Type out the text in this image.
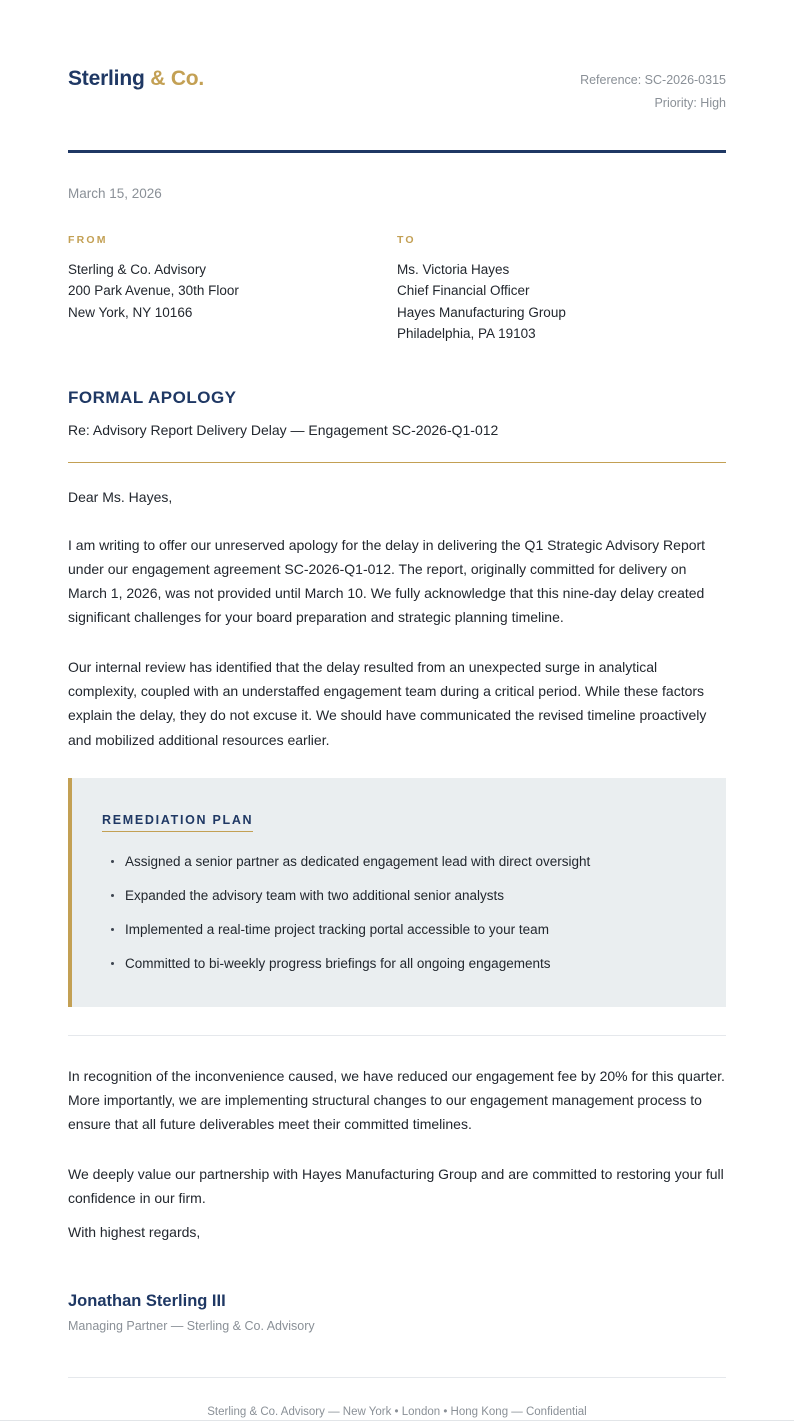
Sterling & Co.	Reference: SC-2026-0315
Priority: High
March 15, 2026
FROM
Sterling & Co. Advisory
200 Park Avenue, 30th Floor
New York, NY 10166
TO
Ms. Victoria Hayes
Chief Financial Officer
Hayes Manufacturing Group
Philadelphia, PA 19103
FORMAL APOLOGY

Re: Advisory Report Delivery Delay — Engagement SC-2026-Q1-012

Dear Ms. Hayes,

I am writing to offer our unreserved apology for the delay in delivering the Q1 Strategic Advisory Report under our engagement agreement SC-2026-Q1-012. The report, originally committed for delivery on March 1, 2026, was not provided until March 10. We fully acknowledge that this nine-day delay created significant challenges for your board preparation and strategic planning timeline.

Our internal review has identified that the delay resulted from an unexpected surge in analytical complexity, coupled with an understaffed engagement team during a critical period. While these factors explain the delay, they do not excuse it. We should have communicated the revised timeline proactively and mobilized additional resources earlier.

REMEDIATION PLAN
Assigned a senior partner as dedicated engagement lead with direct oversight
Expanded the advisory team with two additional senior analysts
Implemented a real-time project tracking portal accessible to your team
Committed to bi-weekly progress briefings for all ongoing engagements

In recognition of the inconvenience caused, we have reduced our engagement fee by 20% for this quarter. More importantly, we are implementing structural changes to our engagement management process to ensure that all future deliverables meet their committed timelines.

We deeply value our partnership with Hayes Manufacturing Group and are committed to restoring your full confidence in our firm.

With highest regards,

Jonathan Sterling III
Managing Partner — Sterling & Co. Advisory
Sterling & Co. Advisory — New York • London • Hong Kong — Confidential
